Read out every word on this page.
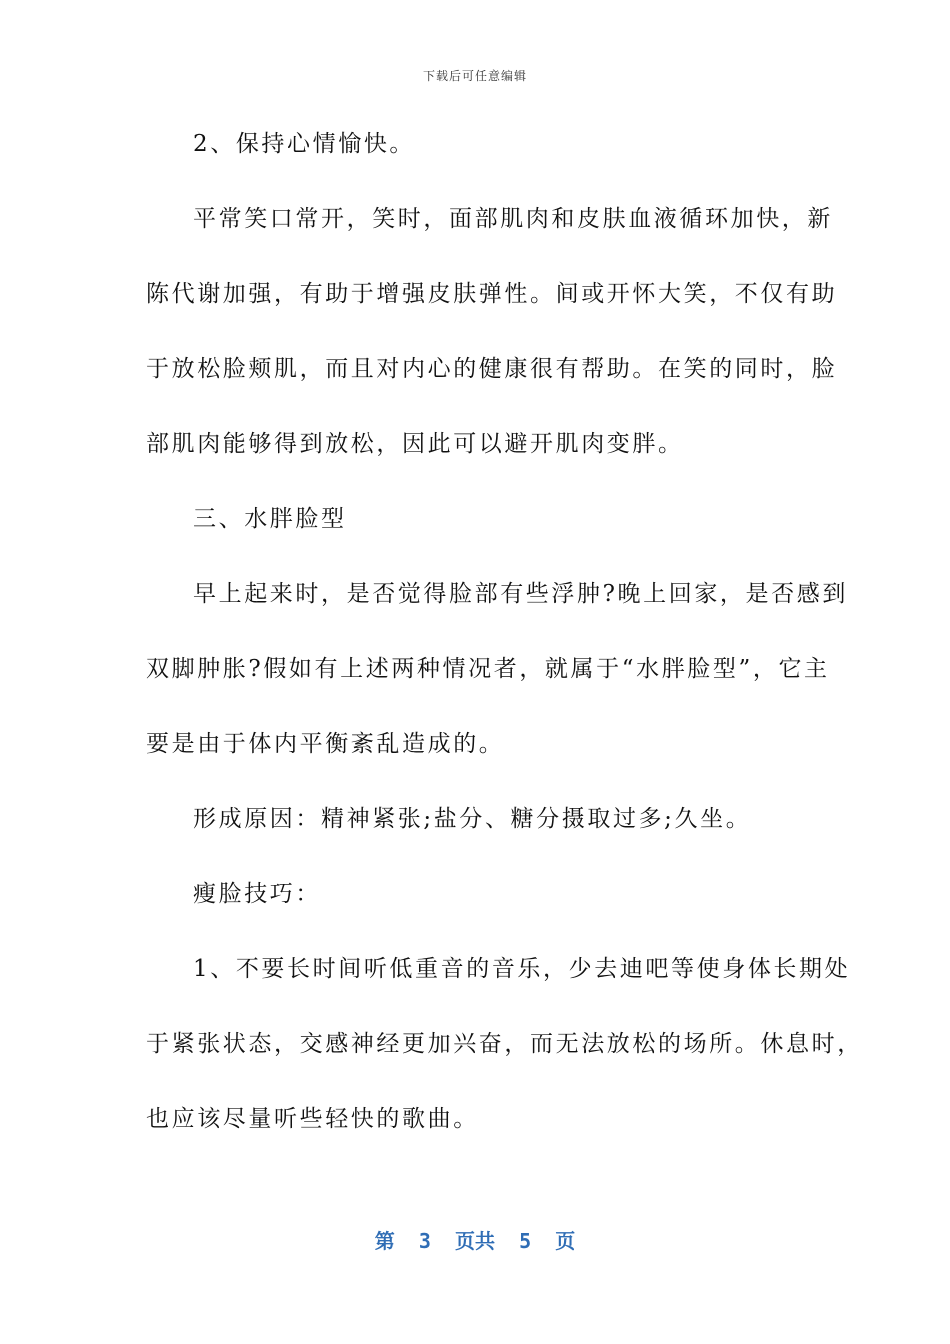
下载后可任意编辑
2、保持心情愉快。
平常笑口常开，笑时，面部肌肉和皮肤血液循环加快，新
陈代谢加强，有助于增强皮肤弹性。间或开怀大笑，不仅有助
于放松脸颊肌，而且对内心的健康很有帮助。在笑的同时，脸
部肌肉能够得到放松，因此可以避开肌肉变胖。
三、水胖脸型
早上起来时，是否觉得脸部有些浮肿?晚上回家，是否感到
双脚肿胀?假如有上述两种情况者，就属于“水胖脸型”，它主
要是由于体内平衡紊乱造成的。
形成原因：精神紧张;盐分、糖分摄取过多;久坐。
瘦脸技巧：
1、不要长时间听低重音的音乐，少去迪吧等使身体长期处
于紧张状态，交感神经更加兴奋，而无法放松的场所。休息时，
也应该尽量听些轻快的歌曲。
第  3  页共  5  页
